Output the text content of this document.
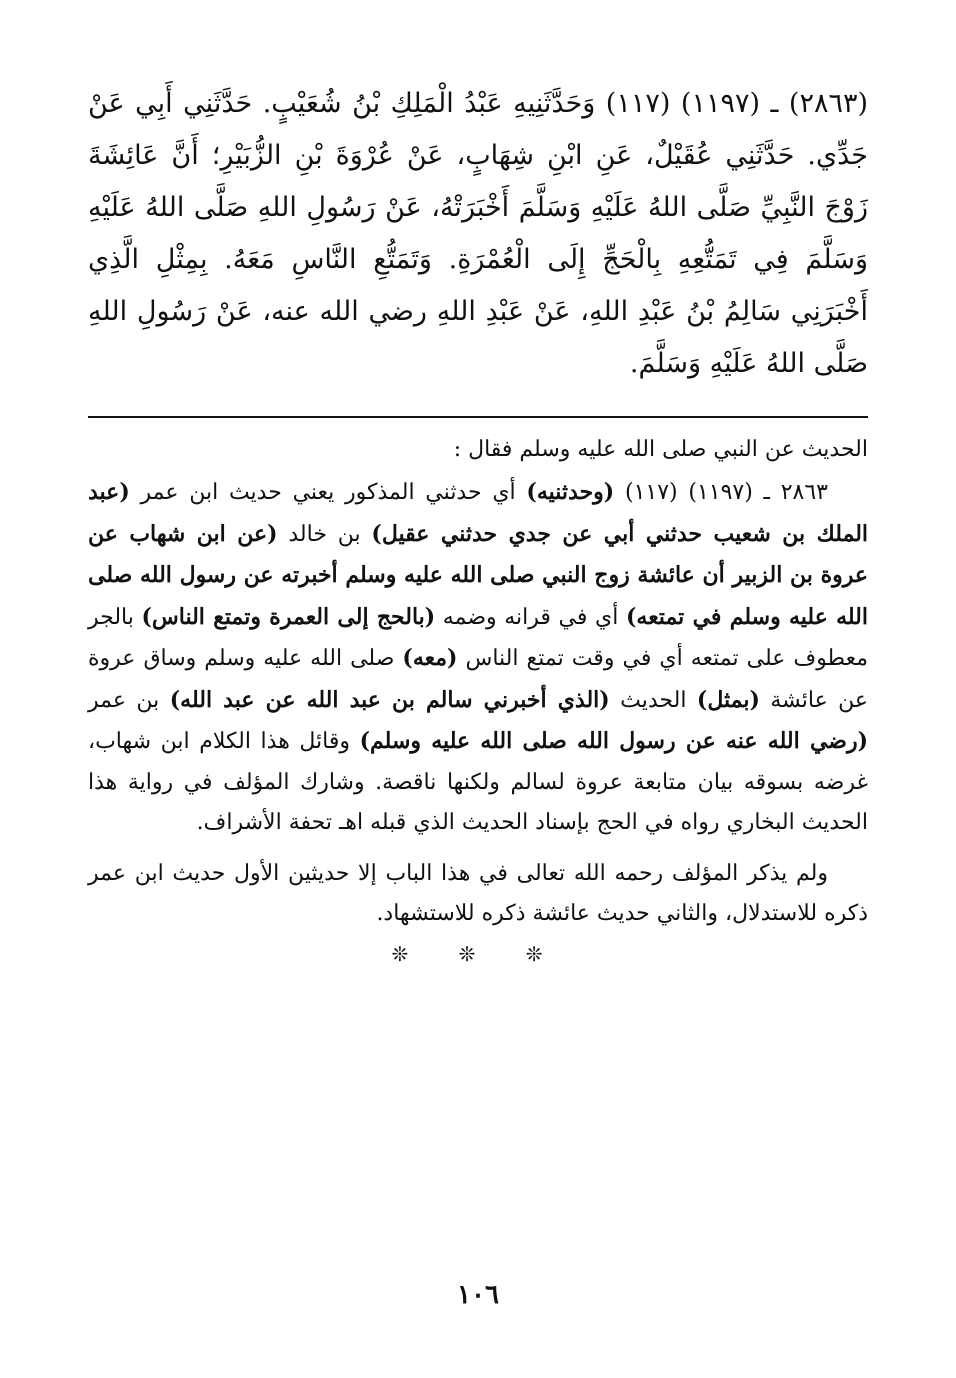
(٢٨٦٣) ـ (١١٩٧) (١١٧) وَحَدَّثَنِيهِ عَبْدُ الْمَلِكِ بْنُ شُعَيْبٍ. حَدَّثَنِي أَبِي عَنْ جَدِّي. حَدَّثَنِي عُقَيْلٌ، عَنِ ابْنِ شِهَابٍ، عَنْ عُرْوَةَ بْنِ الزُّبَيْرِ؛ أَنَّ عَائِشَةَ زَوْجَ النَّبِيِّ صَلَّى اللهُ عَلَيْهِ وَسَلَّمَ أَخْبَرَتْهُ، عَنْ رَسُولِ اللهِ صَلَّى اللهُ عَلَيْهِ وَسَلَّمَ فِي تَمَتُّعِهِ بِالْحَجِّ إِلَى الْعُمْرَةِ. وَتَمَتُّعِ النَّاسِ مَعَهُ. بِمِثْلِ الَّذِي أَخْبَرَنِي سَالِمُ بْنُ عَبْدِ اللهِ، عَنْ عَبْدِ اللهِ رضي الله عنه، عَنْ رَسُولِ اللهِ صَلَّى اللهُ عَلَيْهِ وَسَلَّمَ.

الحديث عن النبي صلى الله عليه وسلم فقال :

٢٨٦٣ ـ (١١٩٧) (١١٧) (وحدثنيه) أي حدثني المذكور يعني حديث ابن عمر (عبد الملك بن شعيب حدثني أبي عن جدي حدثني عقيل) بن خالد (عن ابن شهاب عن عروة بن الزبير أن عائشة زوج النبي صلى الله عليه وسلم أخبرته عن رسول الله صلى الله عليه وسلم في تمتعه) أي في قرانه وضمه (بالحج إلى العمرة وتمتع الناس) بالجر معطوف على تمتعه أي في وقت تمتع الناس (معه) صلى الله عليه وسلم وساق عروة عن عائشة (بمثل) الحديث (الذي أخبرني سالم بن عبد الله عن عبد الله) بن عمر (رضي الله عنه عن رسول الله صلى الله عليه وسلم) وقائل هذا الكلام ابن شهاب، غرضه بسوقه بيان متابعة عروة لسالم ولكنها ناقصة. وشارك المؤلف في رواية هذا الحديث البخاري رواه في الحج بإسناد الحديث الذي قبله اهـ تحفة الأشراف.

ولم يذكر المؤلف رحمه الله تعالى في هذا الباب إلا حديثين الأول حديث ابن عمر ذكره للاستدلال، والثاني حديث عائشة ذكره للاستشهاد.

❊ ❊ ❊
١٠٦
